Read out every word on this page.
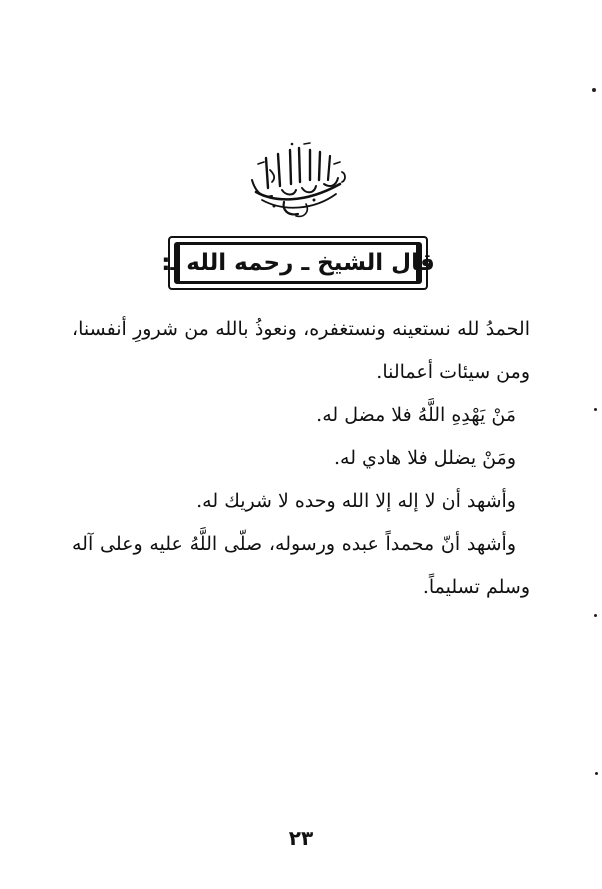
قال الشيخ ـ رحمه الله ـ:

الحمدُ لله نستعينه ونستغفره، ونعوذُ بالله من شرورِ أنفسنا، ومن سيئات أعمالنا.

مَنْ يَهْدِهِ اللَّهُ فلا مضل له.

ومَنْ يضلل فلا هادي له.

وأشهد أن لا إله إلا الله وحده لا شريك له.

وأشهد أنّ محمداً عبده ورسوله، صلّى اللَّهُ عليه وعلى آله وسلم تسليماً.

٢٣
